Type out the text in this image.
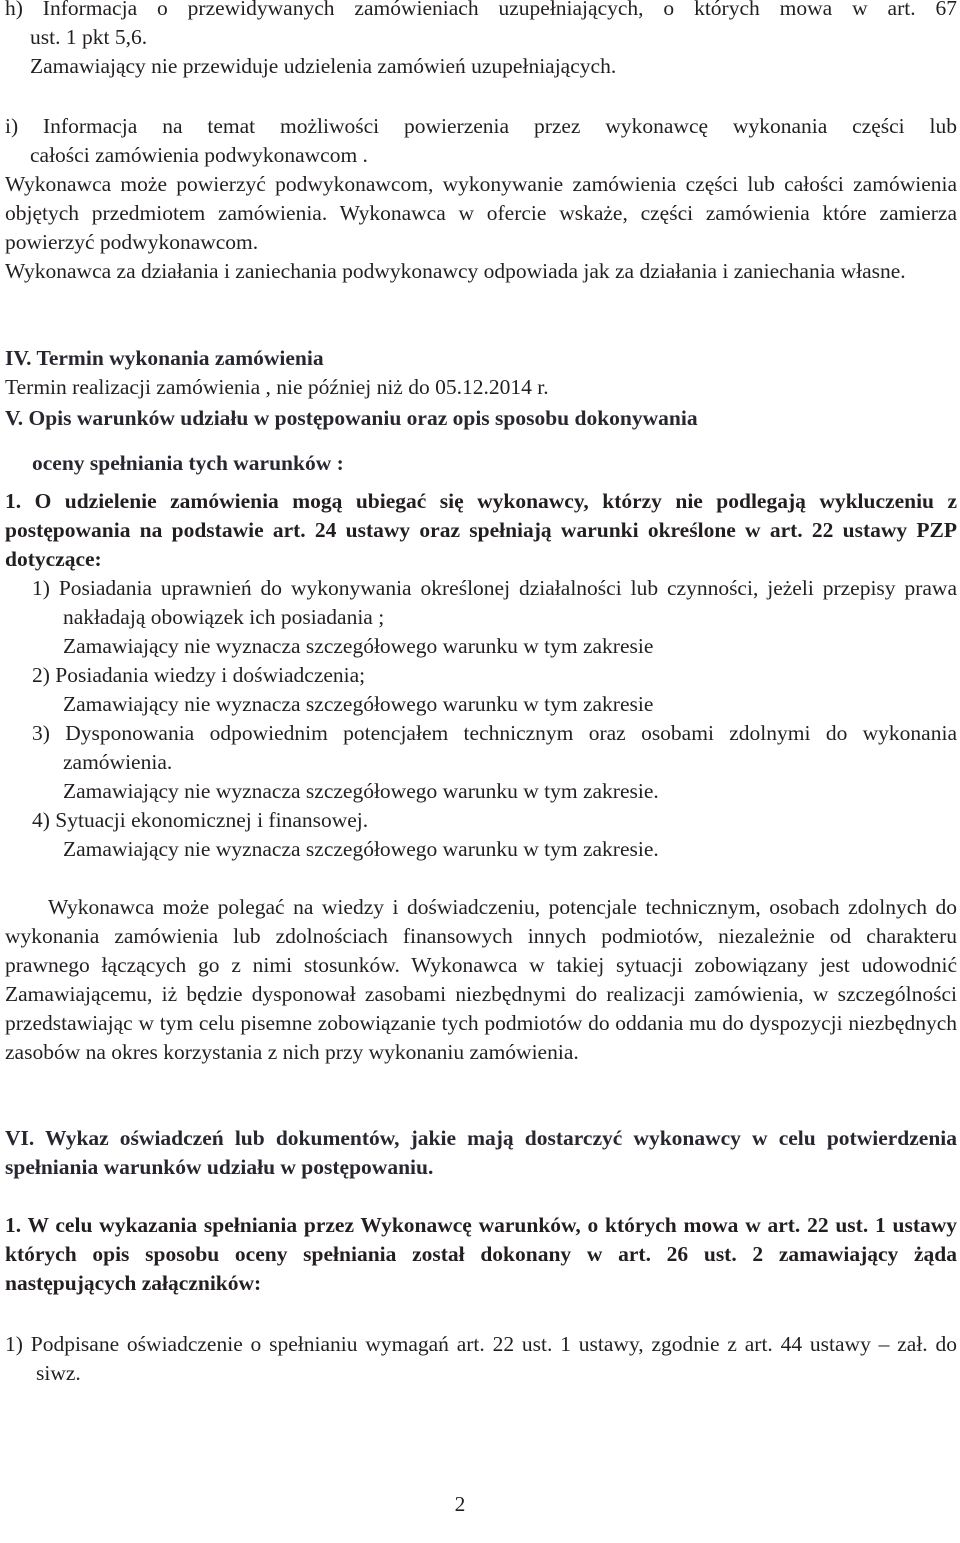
h) Informacja o przewidywanych zamówieniach uzupełniających, o których mowa w art. 67
ust. 1 pkt 5,6.
Zamawiający nie przewiduje udzielenia zamówień uzupełniających.
i) Informacja na temat możliwości powierzenia przez wykonawcę wykonania części lub
całości zamówienia podwykonawcom .
Wykonawca może powierzyć podwykonawcom, wykonywanie zamówienia części lub całości zamówienia objętych przedmiotem zamówienia. Wykonawca w ofercie wskaże, części zamówienia które zamierza powierzyć podwykonawcom.
Wykonawca za działania i zaniechania podwykonawcy odpowiada jak za działania i zaniechania własne.
IV. Termin wykonania zamówienia
Termin realizacji zamówienia , nie później niż do 05.12.2014 r.
V. Opis warunków udziału w postępowaniu oraz opis sposobu dokonywania
oceny spełniania tych warunków :
1. O udzielenie zamówienia mogą ubiegać się wykonawcy, którzy nie podlegają wykluczeniu z postępowania na podstawie art. 24 ustawy oraz spełniają warunki określone w art. 22 ustawy PZP dotyczące:
1) Posiadania uprawnień do wykonywania określonej działalności lub czynności, jeżeli przepisy prawa nakładają obowiązek ich posiadania ;
Zamawiający nie wyznacza szczegółowego warunku w tym zakresie
2) Posiadania wiedzy i doświadczenia;
Zamawiający nie wyznacza szczegółowego warunku w tym zakresie
3) Dysponowania odpowiednim potencjałem technicznym oraz osobami zdolnymi do wykonania zamówienia.
Zamawiający nie wyznacza szczegółowego warunku w tym zakresie.
4) Sytuacji ekonomicznej i finansowej.
Zamawiający nie wyznacza szczegółowego warunku w tym zakresie.
Wykonawca może polegać na wiedzy i doświadczeniu, potencjale technicznym, osobach zdolnych do wykonania zamówienia lub zdolnościach finansowych innych podmiotów, niezależnie od charakteru prawnego łączących go z nimi stosunków. Wykonawca w takiej sytuacji zobowiązany jest udowodnić Zamawiającemu, iż będzie dysponował zasobami niezbędnymi do realizacji zamówienia, w szczególności przedstawiając w tym celu pisemne zobowiązanie tych podmiotów do oddania mu do dyspozycji niezbędnych zasobów na okres korzystania z nich przy wykonaniu zamówienia.
VI. Wykaz oświadczeń lub dokumentów, jakie mają dostarczyć wykonawcy w celu potwierdzenia spełniania warunków udziału w postępowaniu.
1. W celu wykazania spełniania przez Wykonawcę warunków, o których mowa w art. 22 ust. 1 ustawy których opis sposobu oceny spełniania został dokonany w art. 26 ust. 2 zamawiający żąda następujących załączników:
1) Podpisane oświadczenie o spełnianiu wymagań art. 22 ust. 1 ustawy, zgodnie z art. 44 ustawy – zał. do siwz.
2
